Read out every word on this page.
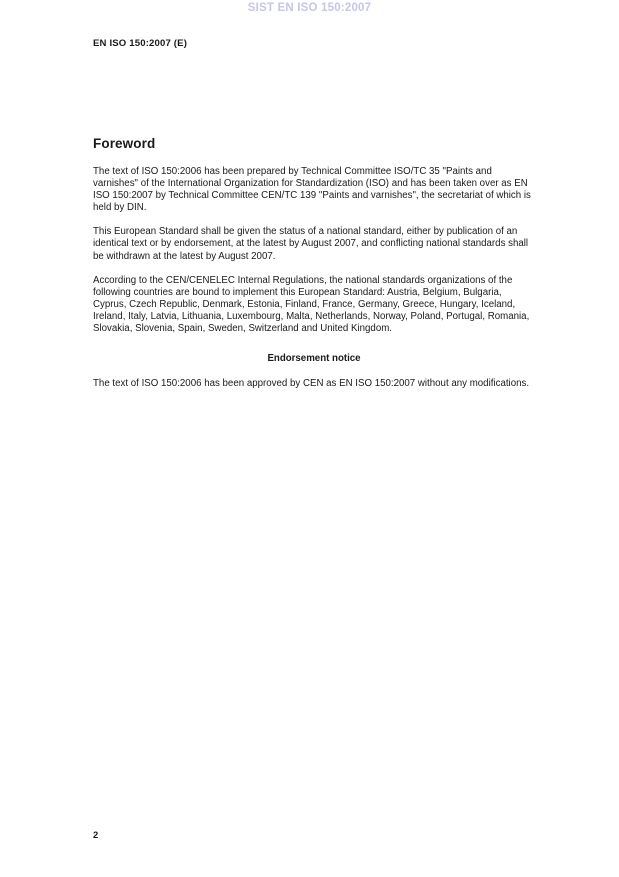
SIST EN ISO 150:2007
EN ISO 150:2007 (E)
Foreword

The text of ISO 150:2006 has been prepared by Technical Committee ISO/TC 35 "Paints and varnishes" of the International Organization for Standardization (ISO) and has been taken over as EN ISO 150:2007 by Technical Committee CEN/TC 139 "Paints and varnishes", the secretariat of which is held by DIN.

This European Standard shall be given the status of a national standard, either by publication of an identical text or by endorsement, at the latest by August 2007, and conflicting national standards shall be withdrawn at the latest by August 2007.

According to the CEN/CENELEC Internal Regulations, the national standards organizations of the following countries are bound to implement this European Standard: Austria, Belgium, Bulgaria, Cyprus, Czech Republic, Denmark, Estonia, Finland, France, Germany, Greece, Hungary, Iceland, Ireland, Italy, Latvia, Lithuania, Luxembourg, Malta, Netherlands, Norway, Poland, Portugal, Romania, Slovakia, Slovenia, Spain, Sweden, Switzerland and United Kingdom.

Endorsement notice

The text of ISO 150:2006 has been approved by CEN as EN ISO 150:2007 without any modifications.

2
